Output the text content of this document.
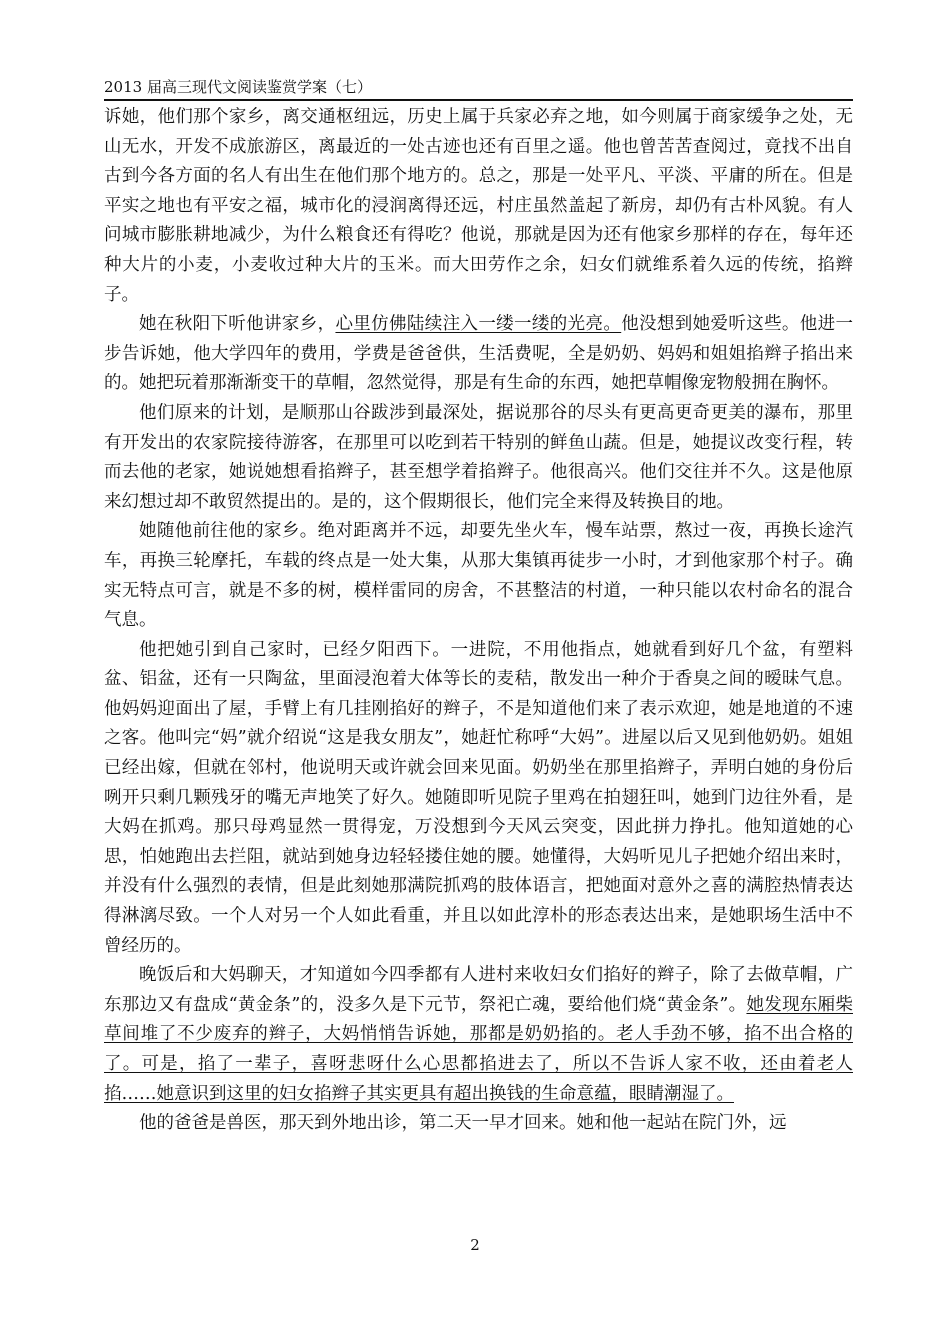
2013 届高三现代文阅读鉴赏学案（七）

诉她，他们那个家乡，离交通枢纽远，历史上属于兵家必弃之地，如今则属于商家缓争之处，无山无水，开发不成旅游区，离最近的一处古迹也还有百里之遥。他也曾苦苦查阅过，竟找不出自古到今各方面的名人有出生在他们那个地方的。总之，那是一处平凡、平淡、平庸的所在。但是平实之地也有平安之福，城市化的浸润离得还远，村庄虽然盖起了新房，却仍有古朴风貌。有人问城市膨胀耕地减少，为什么粮食还有得吃？他说，那就是因为还有他家乡那样的存在，每年还种大片的小麦，小麦收过种大片的玉米。而大田劳作之余，妇女们就维系着久远的传统，掐辫子。

她在秋阳下听他讲家乡，心里仿佛陆续注入一缕一缕的光亮。他没想到她爱听这些。他进一步告诉她，他大学四年的费用，学费是爸爸供，生活费呢，全是奶奶、妈妈和姐姐掐辫子掐出来的。她把玩着那渐渐变干的草帽，忽然觉得，那是有生命的东西，她把草帽像宠物般拥在胸怀。

他们原来的计划，是顺那山谷跋涉到最深处，据说那谷的尽头有更高更奇更美的瀑布，那里有开发出的农家院接待游客，在那里可以吃到若干特别的鲜鱼山蔬。但是，她提议改变行程，转而去他的老家，她说她想看掐辫子，甚至想学着掐辫子。他很高兴。他们交往并不久。这是他原来幻想过却不敢贸然提出的。是的，这个假期很长，他们完全来得及转换目的地。

她随他前往他的家乡。绝对距离并不远，却要先坐火车，慢车站票，熬过一夜，再换长途汽车，再换三轮摩托，车载的终点是一处大集，从那大集镇再徒步一小时，才到他家那个村子。确实无特点可言，就是不多的树，模样雷同的房舍，不甚整洁的村道，一种只能以农村命名的混合气息。

他把她引到自己家时，已经夕阳西下。一进院，不用他指点，她就看到好几个盆，有塑料盆、铝盆，还有一只陶盆，里面浸泡着大体等长的麦秸，散发出一种介于香臭之间的暧昧气息。他妈妈迎面出了屋，手臂上有几挂刚掐好的辫子，不是知道他们来了表示欢迎，她是地道的不速之客。他叫完“妈”就介绍说“这是我女朋友”，她赶忙称呼“大妈”。进屋以后又见到他奶奶。姐姐已经出嫁，但就在邻村，他说明天或许就会回来见面。奶奶坐在那里掐辫子，弄明白她的身份后咧开只剩几颗残牙的嘴无声地笑了好久。她随即听见院子里鸡在拍翅狂叫，她到门边往外看，是大妈在抓鸡。那只母鸡显然一贯得宠，万没想到今天风云突变，因此拼力挣扎。他知道她的心思，怕她跑出去拦阻，就站到她身边轻轻搂住她的腰。她懂得，大妈听见儿子把她介绍出来时，并没有什么强烈的表情，但是此刻她那满院抓鸡的肢体语言，把她面对意外之喜的满腔热情表达得淋漓尽致。一个人对另一个人如此看重，并且以如此淳朴的形态表达出来，是她职场生活中不曾经历的。

晚饭后和大妈聊天，才知道如今四季都有人进村来收妇女们掐好的辫子，除了去做草帽，广东那边又有盘成“黄金条”的，没多久是下元节，祭祀亡魂，要给他们烧“黄金条”。她发现东厢柴草间堆了不少废弃的辫子，大妈悄悄告诉她，那都是奶奶掐的。老人手劲不够，掐不出合格的了。可是，掐了一辈子，喜呀悲呀什么心思都掐进去了，所以不告诉人家不收，还由着老人掐……她意识到这里的妇女掐辫子其实更具有超出换钱的生命意蕴，眼睛潮湿了。

他的爸爸是兽医，那天到外地出诊，第二天一早才回来。她和他一起站在院门外，远

2
